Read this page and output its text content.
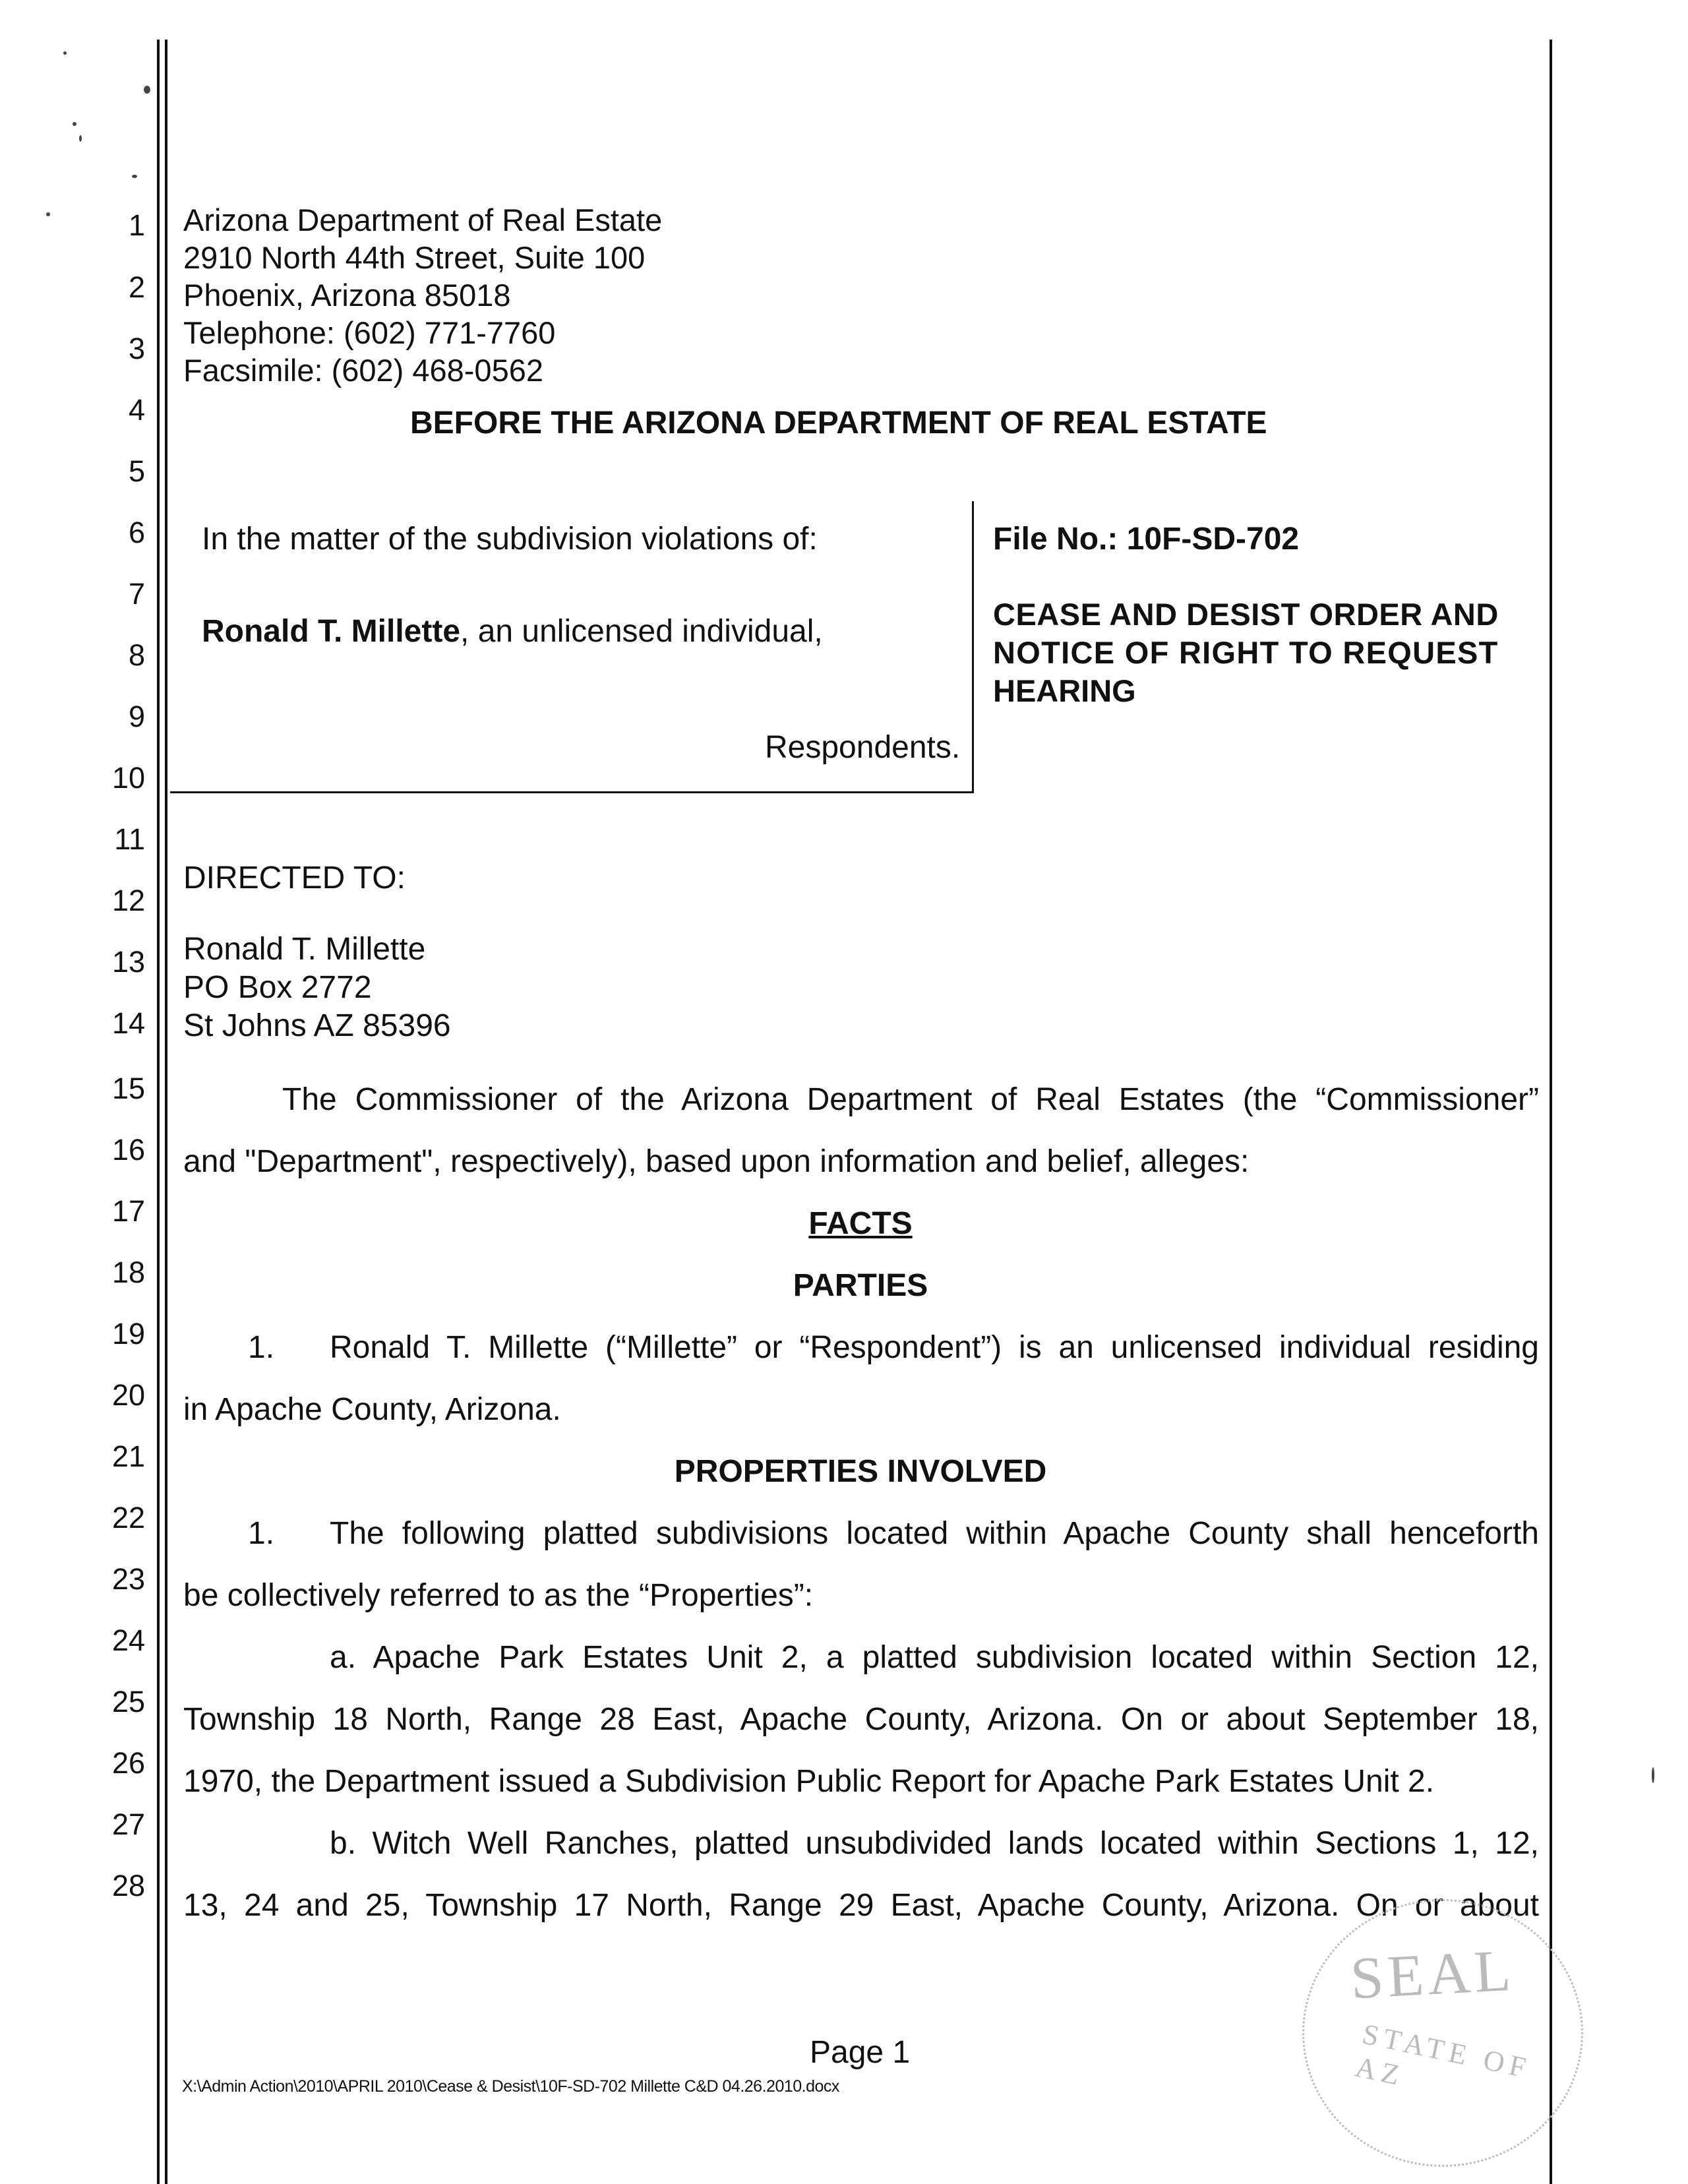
1
2
3
4
5
6
7
8
9
10
11
12
13
14
15
16
17
18
19
20
21
22
23
24
25
26
27
28
Arizona Department of Real Estate
2910 North 44th Street, Suite 100
Phoenix, Arizona 85018
Telephone: (602) 771-7760
Facsimile: (602) 468-0562
BEFORE THE ARIZONA DEPARTMENT OF REAL ESTATE
In the matter of the subdivision violations of:
Ronald T. Millette, an unlicensed individual,
Respondents.
File No.: 10F-SD-702
CEASE AND DESIST ORDER AND
NOTICE OF RIGHT TO REQUEST
HEARING
DIRECTED TO:
Ronald T. Millette
PO Box 2772
St Johns AZ 85396
The Commissioner of the Arizona Department of Real Estates (the “Commissioner”
and "Department", respectively), based upon information and belief, alleges:
FACTS
PARTIES
1. Ronald T. Millette (“Millette” or “Respondent”) is an unlicensed individual residing
in Apache County, Arizona.
PROPERTIES INVOLVED
1. The following platted subdivisions located within Apache County shall henceforth
be collectively referred to as the “Properties”:
a. Apache Park Estates Unit 2, a platted subdivision located within Section 12,
Township 18 North, Range 28 East, Apache County, Arizona. On or about September 18,
1970, the Department issued a Subdivision Public Report for Apache Park Estates Unit 2.
b. Witch Well Ranches, platted unsubdivided lands located within Sections 1, 12,
13, 24 and 25, Township 17 North, Range 29 East, Apache County, Arizona. On or about
SEAL
STATE OF AZ
Page 1
X:\Admin Action\2010\APRIL 2010\Cease & Desist\10F-SD-702 Millette C&D 04.26.2010.docx
